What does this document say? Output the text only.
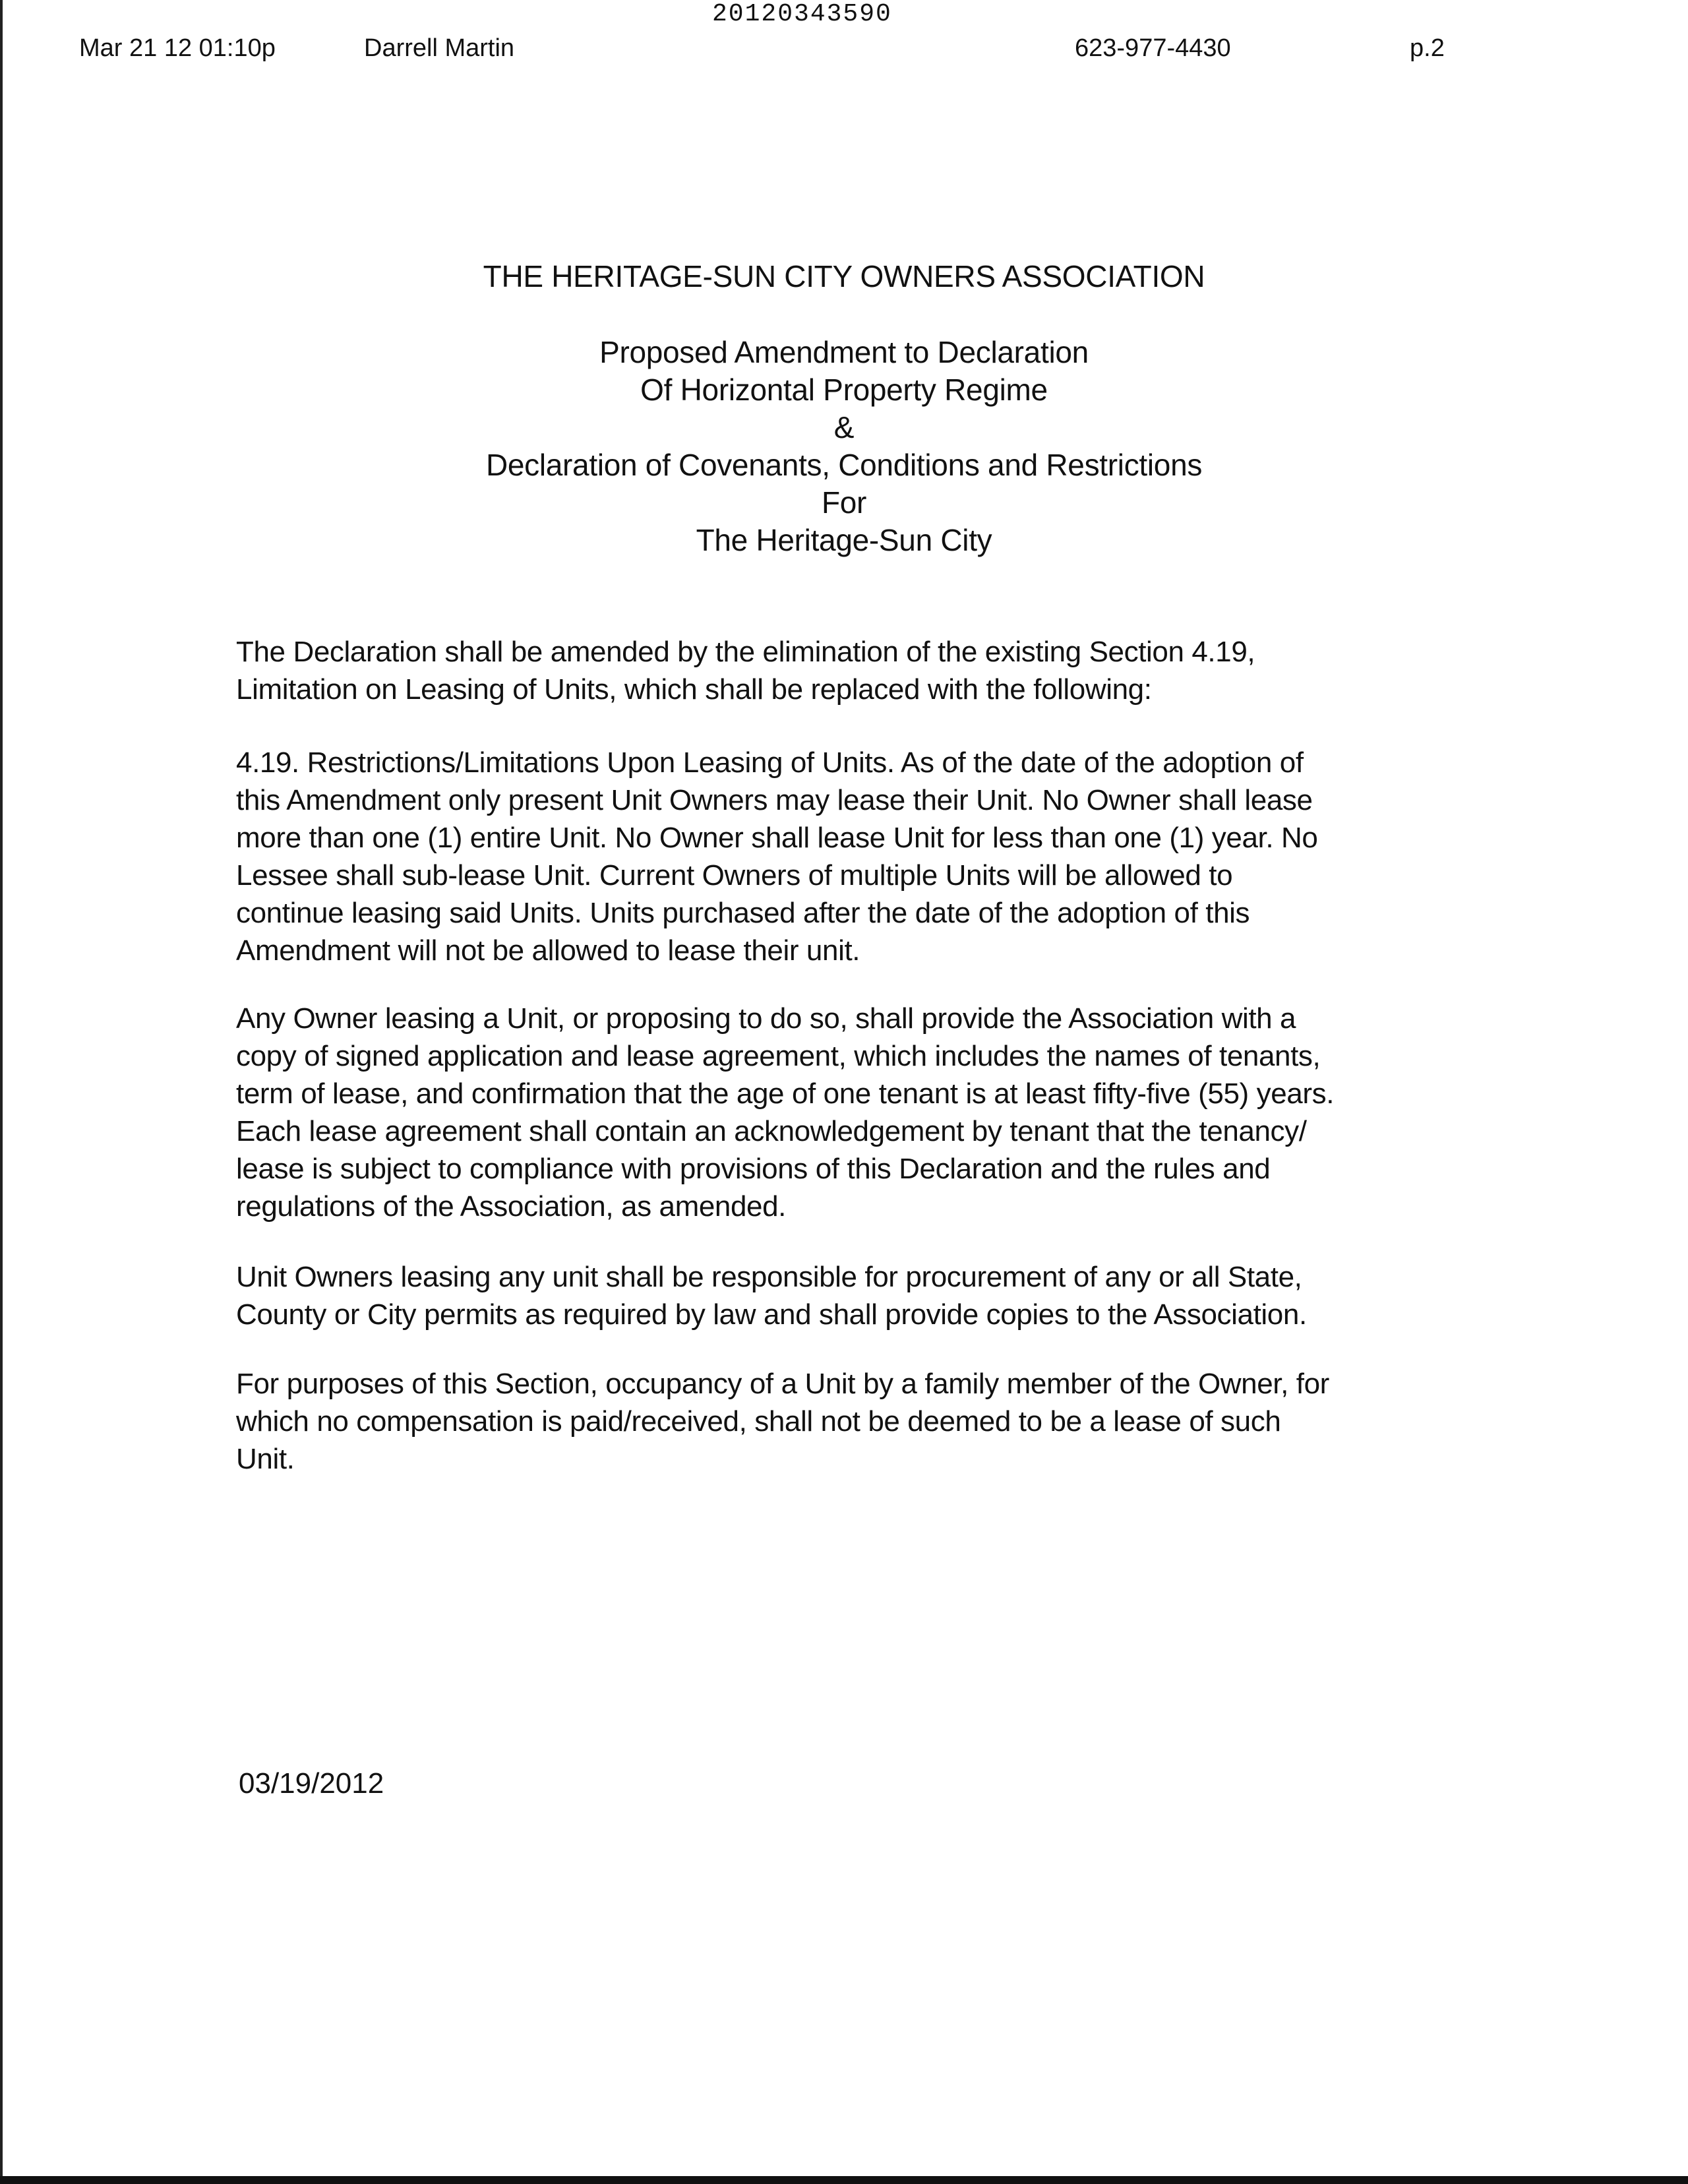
20120343590
Mar 21 12 01:10p	Darrell Martin	623-977-4430	p.2
THE HERITAGE-SUN CITY OWNERS ASSOCIATION
Proposed Amendment to Declaration
Of Horizontal Property Regime
&
Declaration of Covenants, Conditions and Restrictions
For
The Heritage-Sun City
The Declaration shall be amended by the elimination of the existing Section 4.19,
Limitation on Leasing of Units, which shall be replaced with the following:
4.19. Restrictions/Limitations Upon Leasing of Units. As of the date of the adoption of
this Amendment only present Unit Owners may lease their Unit. No Owner shall lease
more than one (1) entire Unit. No Owner shall lease Unit for less than one (1) year. No
Lessee shall sub-lease Unit. Current Owners of multiple Units will be allowed to
continue leasing said Units. Units purchased after the date of the adoption of this
Amendment will not be allowed to lease their unit.
Any Owner leasing a Unit, or proposing to do so, shall provide the Association with a
copy of signed application and lease agreement, which includes the names of tenants,
term of lease, and confirmation that the age of one tenant is at least fifty-five (55) years.
Each lease agreement shall contain an acknowledgement by tenant that the tenancy/
lease is subject to compliance with provisions of this Declaration and the rules and
regulations of the Association, as amended.
Unit Owners leasing any unit shall be responsible for procurement of any or all State,
County or City permits as required by law and shall provide copies to the Association.
For purposes of this Section, occupancy of a Unit by a family member of the Owner, for
which no compensation is paid/received, shall not be deemed to be a lease of such
Unit.
03/19/2012
